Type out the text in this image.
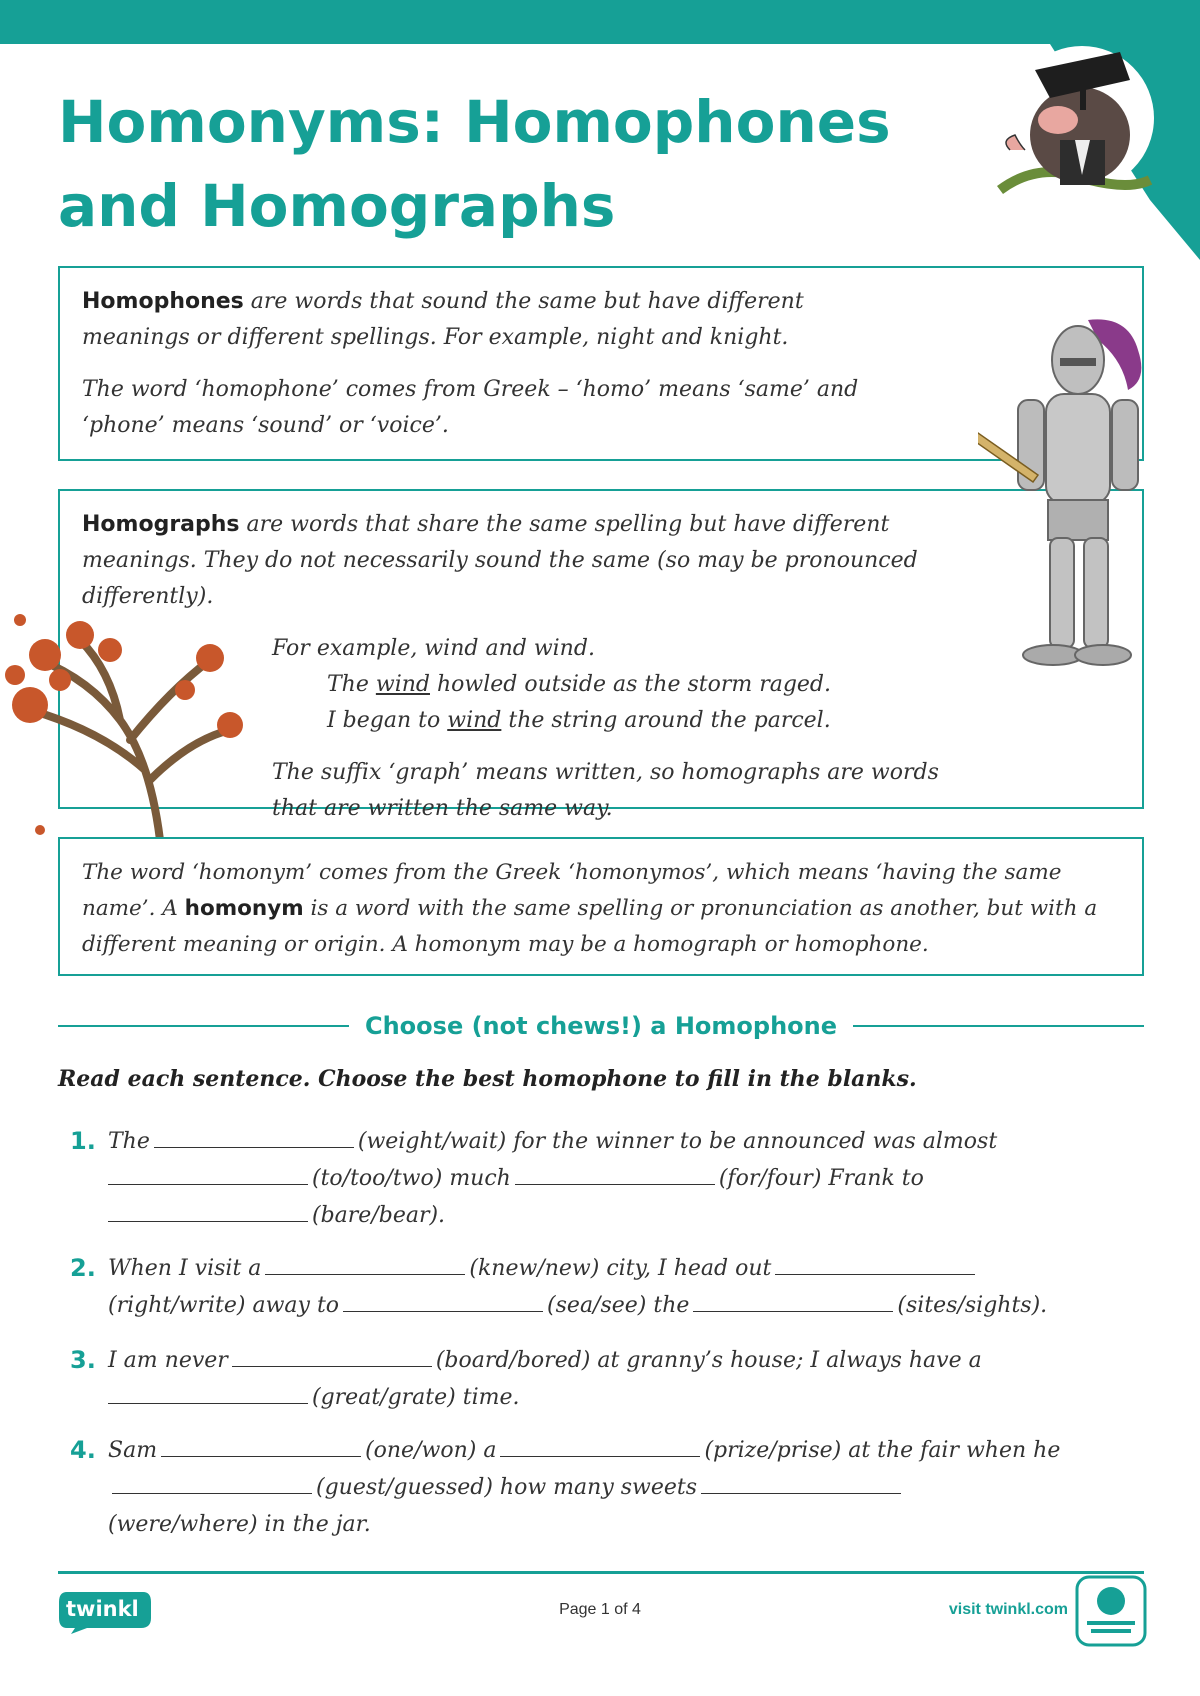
Homonyms: Homophones
and Homographs

Homophones are words that sound the same but have different meanings or different spellings. For example, night and knight.

The word ‘homophone’ comes from Greek – ‘homo’ means ‘same’ and ‘phone’ means ‘sound’ or ‘voice’.

Homographs are words that share the same spelling but have different meanings. They do not necessarily sound the same (so may be pronounced differently).

For example, wind and wind.

The wind howled outside as the storm raged.

I began to wind the string around the parcel.

The suffix ‘graph’ means written, so homographs are words that are written the same way.

The word ‘homonym’ comes from the Greek ‘homonymos’, which means ‘having the same name’. A homonym is a word with the same spelling or pronunciation as another, but with a different meaning or origin. A homonym may be a homograph or homophone.

Choose (not chews!) a Homophone

Read each sentence. Choose the best homophone to fill in the blanks.

1. The	(weight/wait) for the winner to be announced was almost
(to/too/two) much	(for/four) Frank to
(bare/bear).
2. When I visit a	(knew/new) city, I head out
(right/write) away to	(sea/see) the	(sites/sights).
3. I am never	(board/bored) at granny’s house; I always have a
(great/grate) time.
4. Sam	(one/won) a	(prize/prise) at the fair when he(guest/guessed) how many sweets
(were/where) in the jar.
twinkl	Page 1 of 4	visit twinkl.com
